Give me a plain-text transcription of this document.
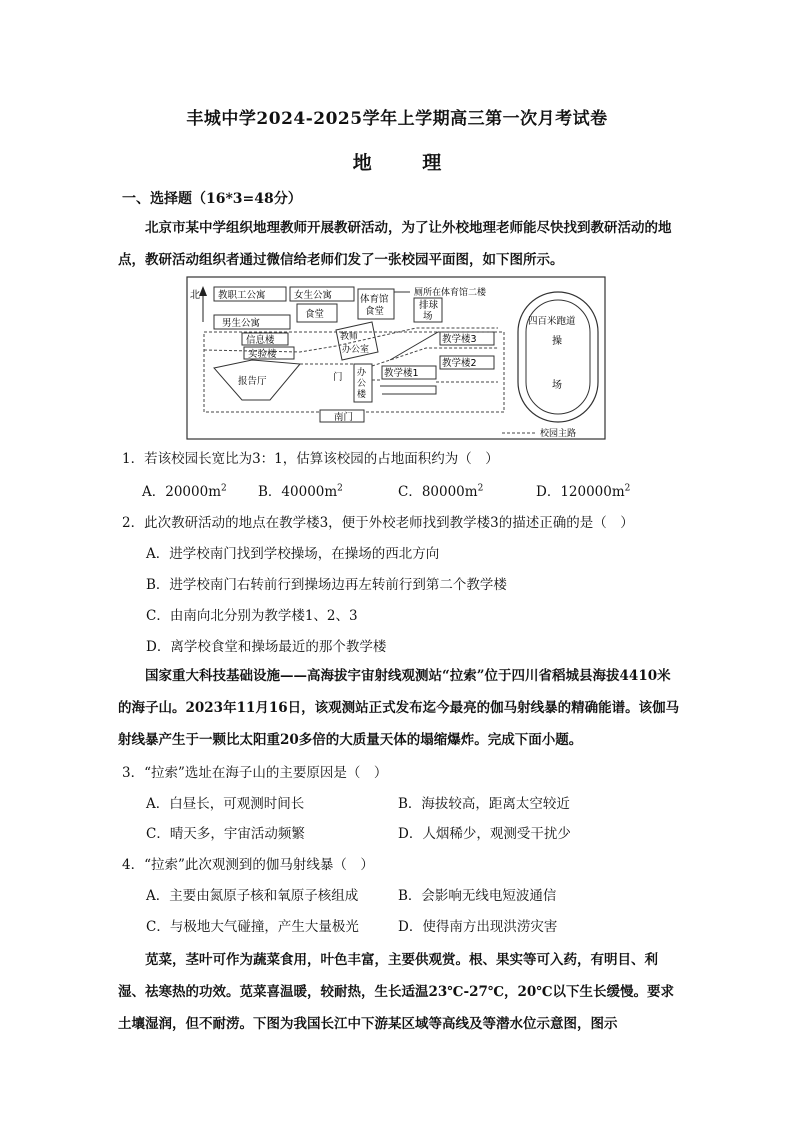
丰城中学2024-2025学年上学期高三第一次月考试卷
地 理
一、选择题（16*3=48分）
北京市某中学组织地理教师开展教研活动，为了让外校地理老师能尽快找到教研活动的地点，教研活动组织者通过微信给老师们发了一张校园平面图，如下图所示。
北 教职工公寓	女生公寓
食堂
体育馆
食堂
厕所在体育馆二楼
排球
场
男生公寓
信息楼
实验楼
教师
办公室
报告厅	门 办
公
楼
教学楼3
教学楼2
教学楼1
南门
四百米跑道
操
场
校园主路
1．若该校园长宽比为3：1，估算该校园的占地面积约为（　）
A．$20000m^2$ B．$40000m^2$	C．$80000m^2$	D．$120000m^2$
2．此次教研活动的地点在教学楼3，便于外校老师找到教学楼3的描述正确的是（　）
A．进学校南门找到学校操场，在操场的西北方向
B．进学校南门右转前行到操场边再左转前行到第二个教学楼
C．由南向北分别为教学楼1、2、3
D．离学校食堂和操场最近的那个教学楼
国家重大科技基础设施——高海拔宇宙射线观测站“拉索”位于四川省稻城县海拔4410米的海子山。2023年11月16日，该观测站正式发布迄今最亮的伽马射线暴的精确能谱。该伽马射线暴产生于一颗比太阳重20多倍的大质量天体的塌缩爆炸。完成下面小题。
3．“拉索”选址在海子山的主要原因是（　）
A．白昼长，可观测时间长	B．海拔较高，距离太空较近
C．晴天多，宇宙活动频繁	D．人烟稀少，观测受干扰少
4．“拉索”此次观测到的伽马射线暴（　）
A．主要由氮原子核和氧原子核组成	B．会影响无线电短波通信
C．与极地大气碰撞，产生大量极光	D．使得南方出现洪涝灾害
苋菜，茎叶可作为蔬菜食用，叶色丰富，主要供观赏。根、果实等可入药，有明目、利湿、祛寒热的功效。苋菜喜温暖，较耐热，生长适温23℃-27℃，20℃以下生长缓慢。要求土壤湿润，但不耐涝。下图为我国长江中下游某区域等高线及等潜水位示意图，图示
